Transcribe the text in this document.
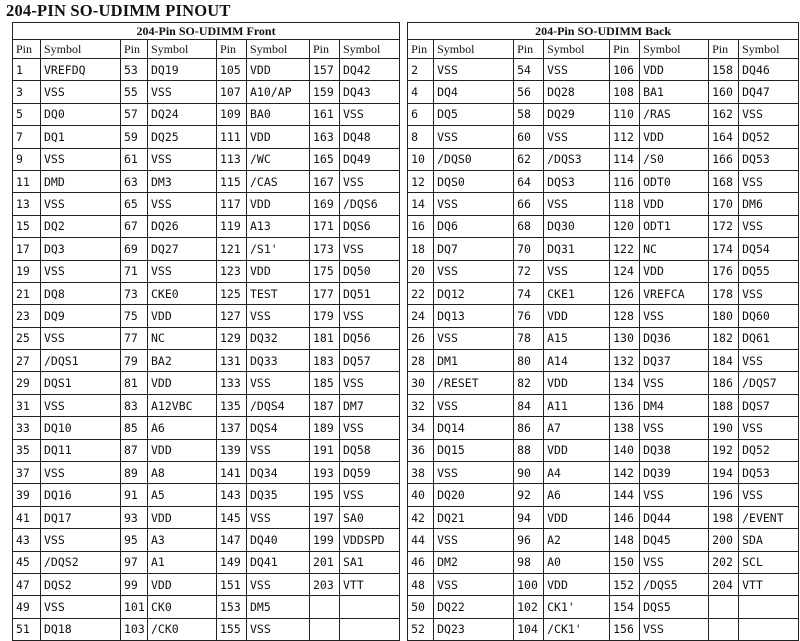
204-PIN SO-UDIMM PINOUT
204-Pin SO-UDIMM Front									204-Pin SO-UDIMM Back							
Pin	Symbol	Pin	Symbol	Pin	Symbol	Pin	Symbol		Pin	Symbol	Pin	Symbol	Pin	Symbol	Pin	Symbol
1	VREFDQ	53	DQ19	105	VDD	157	DQ42		2	VSS	54	VSS	106	VDD	158	DQ46
3	VSS	55	VSS	107	A10/AP	159	DQ43		4	DQ4	56	DQ28	108	BA1	160	DQ47
5	DQ0	57	DQ24	109	BA0	161	VSS		6	DQ5	58	DQ29	110	/RAS	162	VSS
7	DQ1	59	DQ25	111	VDD	163	DQ48		8	VSS	60	VSS	112	VDD	164	DQ52
9	VSS	61	VSS	113	/WC	165	DQ49		10	/DQS0	62	/DQS3	114	/S0	166	DQ53
11	DMD	63	DM3	115	/CAS	167	VSS		12	DQS0	64	DQS3	116	ODT0	168	VSS
13	VSS	65	VSS	117	VDD	169	/DQS6		14	VSS	66	VSS	118	VDD	170	DM6
15	DQ2	67	DQ26	119	A13	171	DQS6		16	DQ6	68	DQ30	120	ODT1	172	VSS
17	DQ3	69	DQ27	121	/S1'	173	VSS		18	DQ7	70	DQ31	122	NC	174	DQ54
19	VSS	71	VSS	123	VDD	175	DQ50		20	VSS	72	VSS	124	VDD	176	DQ55
21	DQ8	73	CKE0	125	TEST	177	DQ51		22	DQ12	74	CKE1	126	VREFCA	178	VSS
23	DQ9	75	VDD	127	VSS	179	VSS		24	DQ13	76	VDD	128	VSS	180	DQ60
25	VSS	77	NC	129	DQ32	181	DQ56		26	VSS	78	A15	130	DQ36	182	DQ61
27	/DQS1	79	BA2	131	DQ33	183	DQ57		28	DM1	80	A14	132	DQ37	184	VSS
29	DQS1	81	VDD	133	VSS	185	VSS		30	/RESET	82	VDD	134	VSS	186	/DQS7
31	VSS	83	A12VBC	135	/DQS4	187	DM7		32	VSS	84	A11	136	DM4	188	DQS7
33	DQ10	85	A6	137	DQS4	189	VSS		34	DQ14	86	A7	138	VSS	190	VSS
35	DQ11	87	VDD	139	VSS	191	DQ58		36	DQ15	88	VDD	140	DQ38	192	DQ52
37	VSS	89	A8	141	DQ34	193	DQ59		38	VSS	90	A4	142	DQ39	194	DQ53
39	DQ16	91	A5	143	DQ35	195	VSS		40	DQ20	92	A6	144	VSS	196	VSS
41	DQ17	93	VDD	145	VSS	197	SA0		42	DQ21	94	VDD	146	DQ44	198	/EVENT
43	VSS	95	A3	147	DQ40	199	VDDSPD		44	VSS	96	A2	148	DQ45	200	SDA
45	/DQS2	97	A1	149	DQ41	201	SA1		46	DM2	98	A0	150	VSS	202	SCL
47	DQS2	99	VDD	151	VSS	203	VTT		48	VSS	100	VDD	152	/DQS5	204	VTT
49	VSS	101	CK0	153	DM5				50	DQ22	102	CK1'	154	DQS5		
51	DQ18	103	/CK0	155	VSS				52	DQ23	104	/CK1'	156	VSS		
